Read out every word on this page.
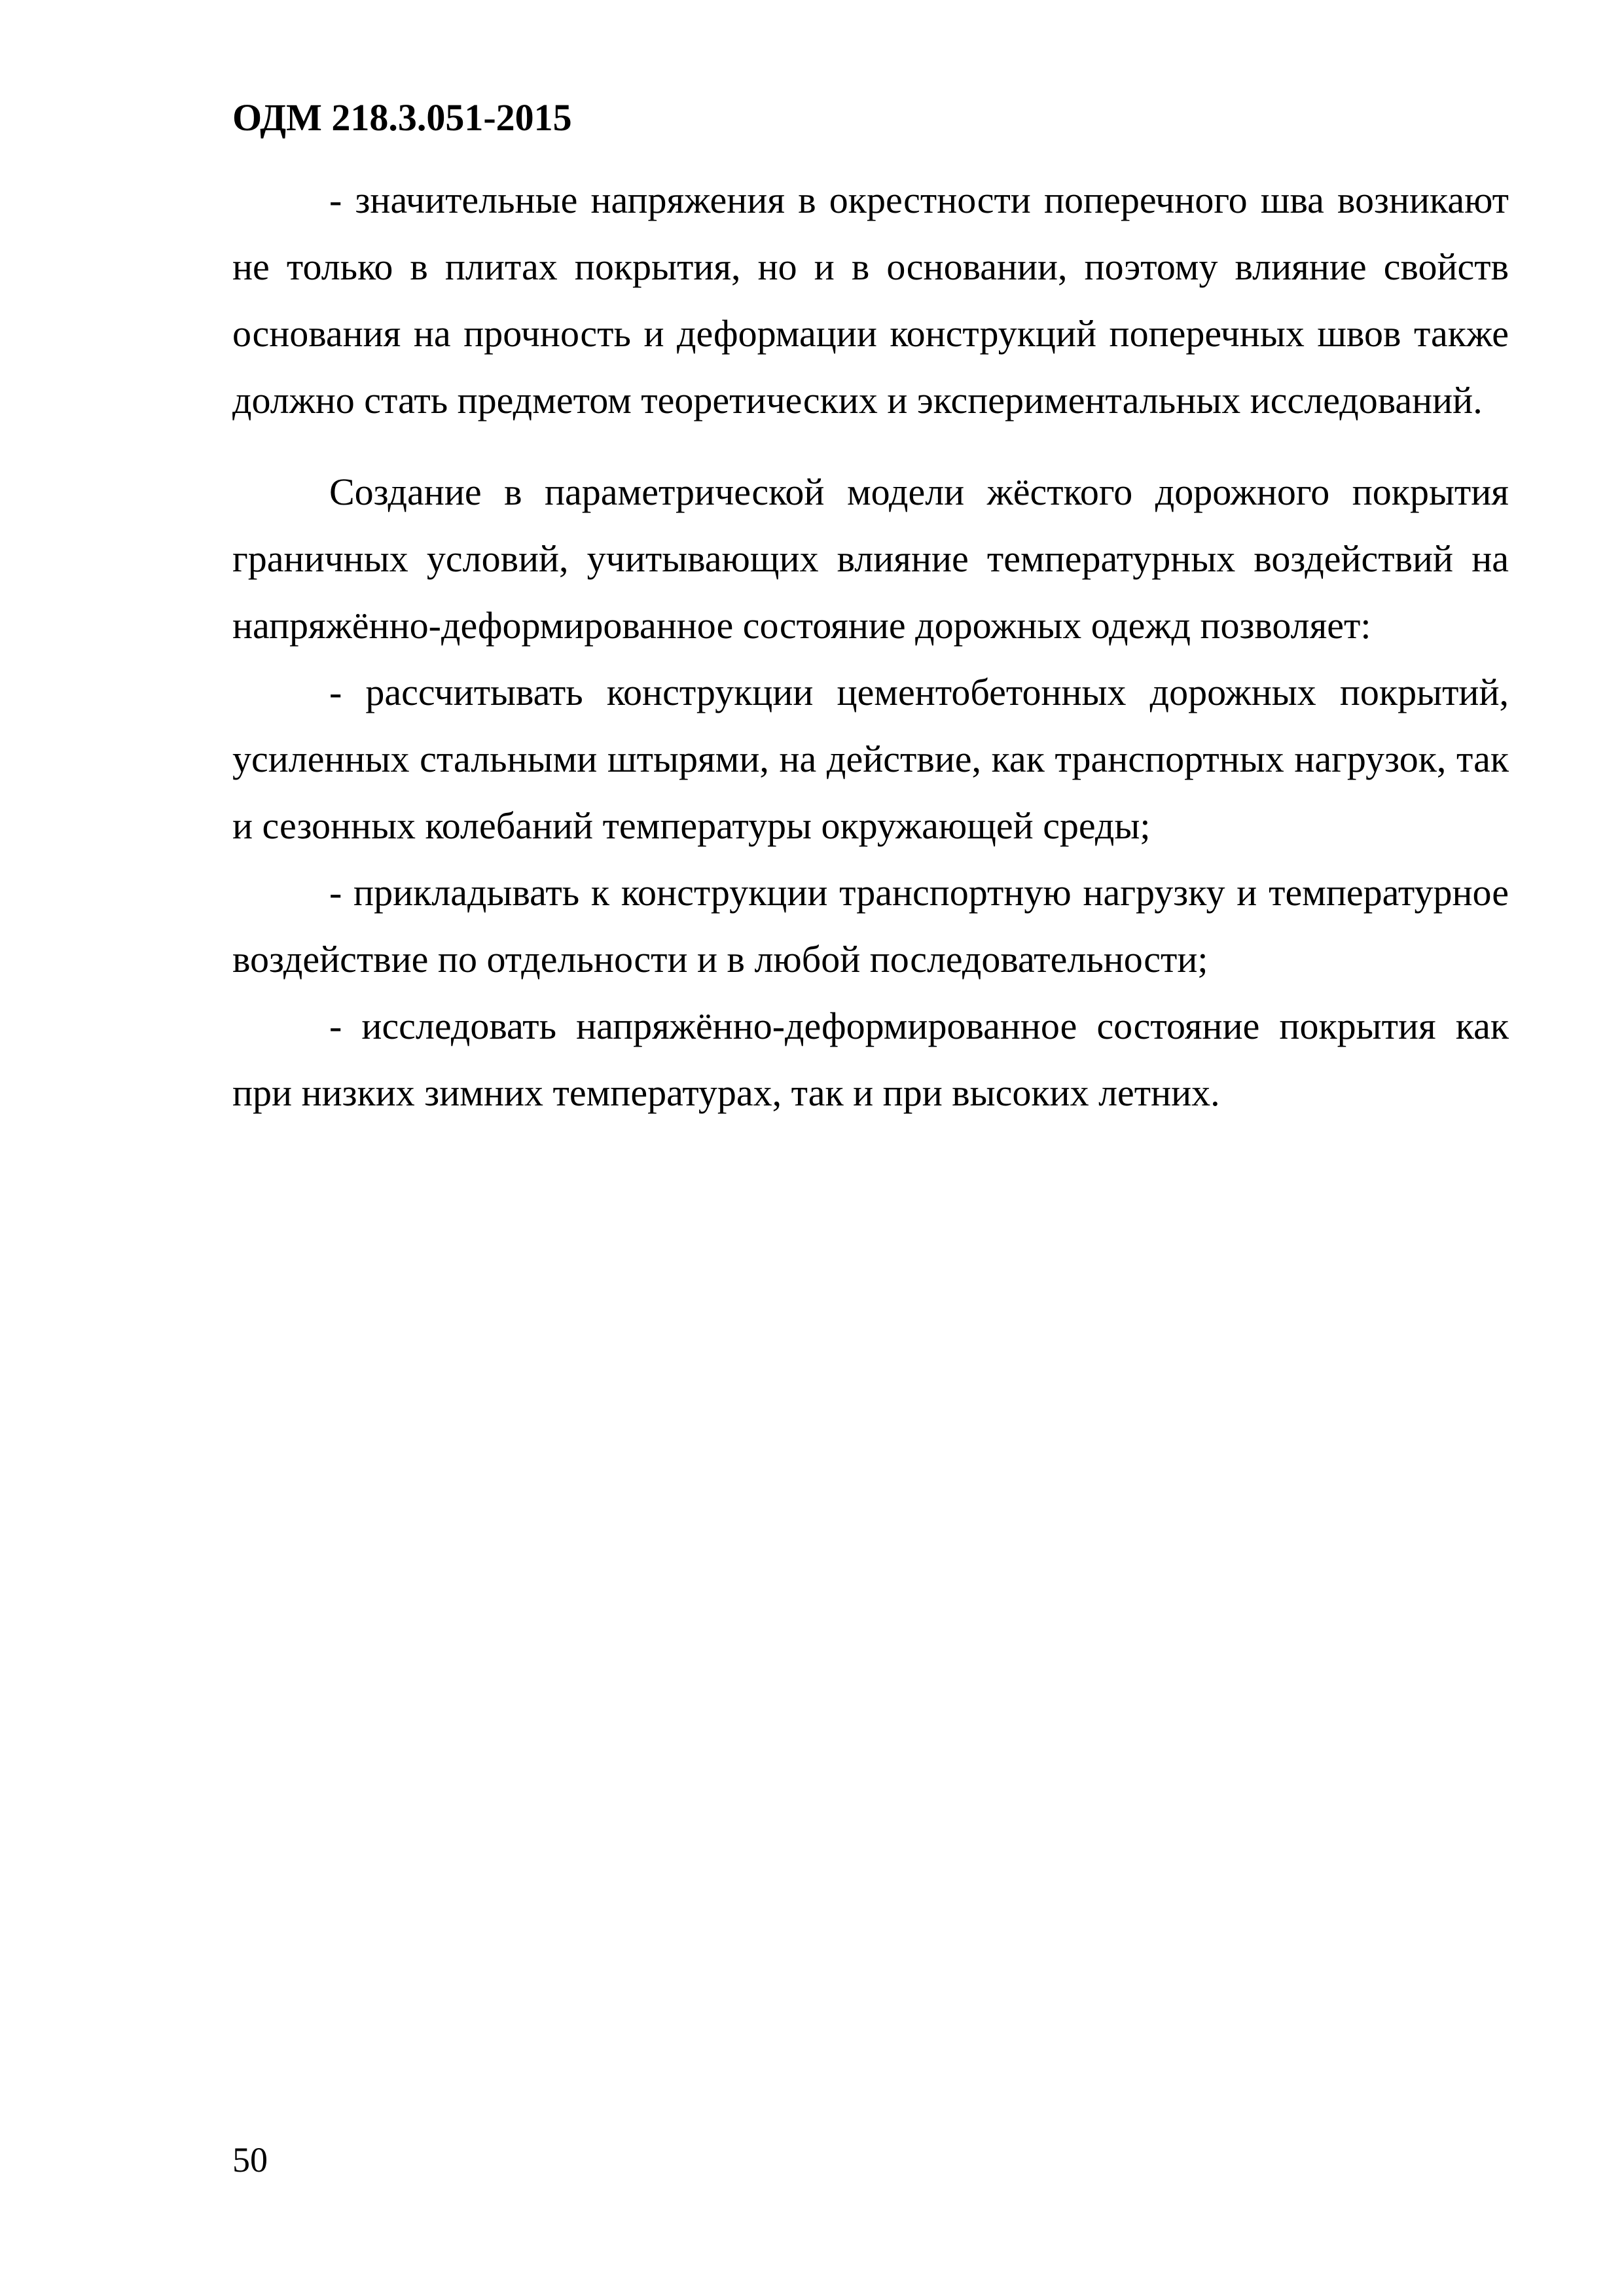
ОДМ 218.3.051-2015

- значительные напряжения в окрестности поперечного шва возникают не только в плитах покрытия, но и в основании, поэтому влияние свойств основания на прочность и деформации конструкций поперечных швов также должно стать предметом теоретических и экспериментальных исследований.

Создание в параметрической модели жёсткого дорожного покрытия граничных условий, учитывающих влияние температурных воздействий на напряжённо-деформированное состояние дорожных одежд позволяет:

- рассчитывать конструкции цементобетонных дорожных покрытий, усиленных стальными штырями, на действие, как транспортных нагрузок, так и сезонных колебаний температуры окружающей среды;

- прикладывать к конструкции транспортную нагрузку и температурное воздействие по отдельности и в любой последовательности;

- исследовать напряжённо-деформированное состояние покрытия как при низких зимних температурах, так и при высоких летних.

50
